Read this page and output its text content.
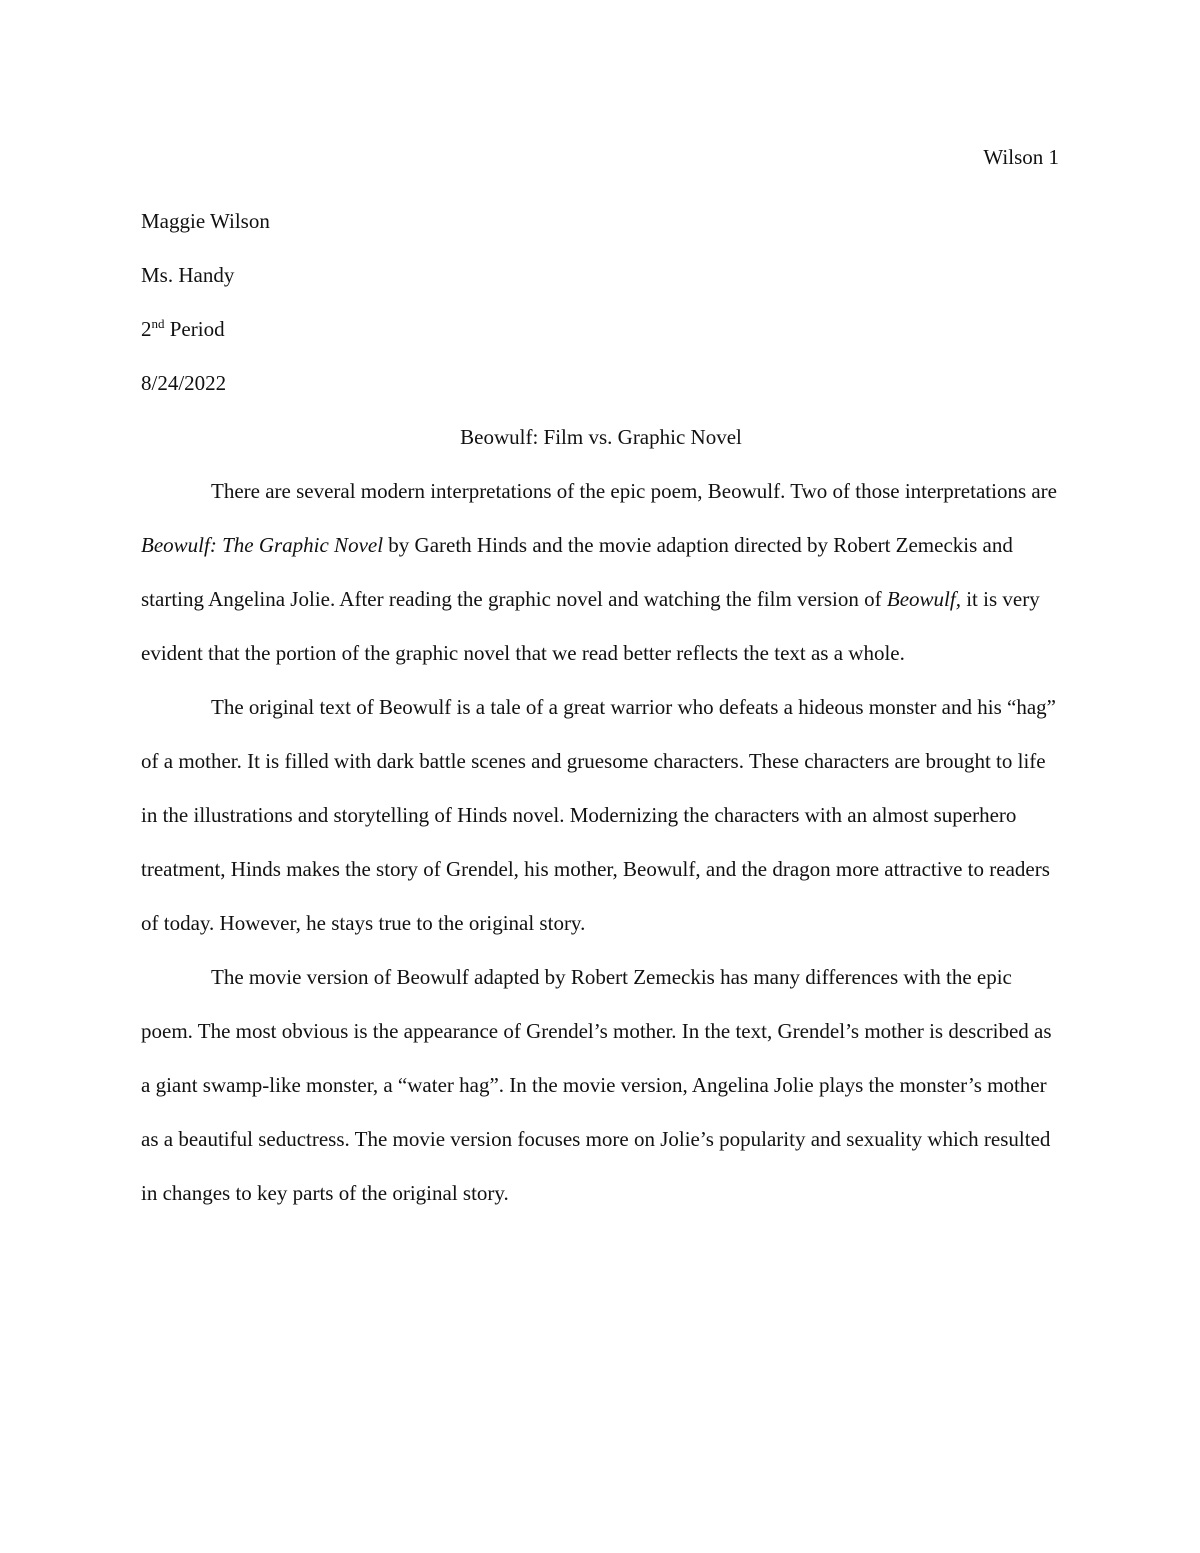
Wilson 1

Maggie Wilson

Ms. Handy

2nd Period

8/24/2022

Beowulf: Film vs. Graphic Novel

There are several modern interpretations of the epic poem, Beowulf. Two of those interpretations are Beowulf: The Graphic Novel by Gareth Hinds and the movie adaption directed by Robert Zemeckis and starting Angelina Jolie. After reading the graphic novel and watching the film version of Beowulf, it is very evident that the portion of the graphic novel that we read better reflects the text as a whole.

The original text of Beowulf is a tale of a great warrior who defeats a hideous monster and his “hag” of a mother. It is filled with dark battle scenes and gruesome characters. These characters are brought to life in the illustrations and storytelling of Hinds novel. Modernizing the characters with an almost superhero treatment, Hinds makes the story of Grendel, his mother, Beowulf, and the dragon more attractive to readers of today. However, he stays true to the original story.

The movie version of Beowulf adapted by Robert Zemeckis has many differences with the epic poem. The most obvious is the appearance of Grendel’s mother. In the text, Grendel’s mother is described as a giant swamp-like monster, a “water hag”. In the movie version, Angelina Jolie plays the monster’s mother as a beautiful seductress. The movie version focuses more on Jolie’s popularity and sexuality which resulted in changes to key parts of the original story.
